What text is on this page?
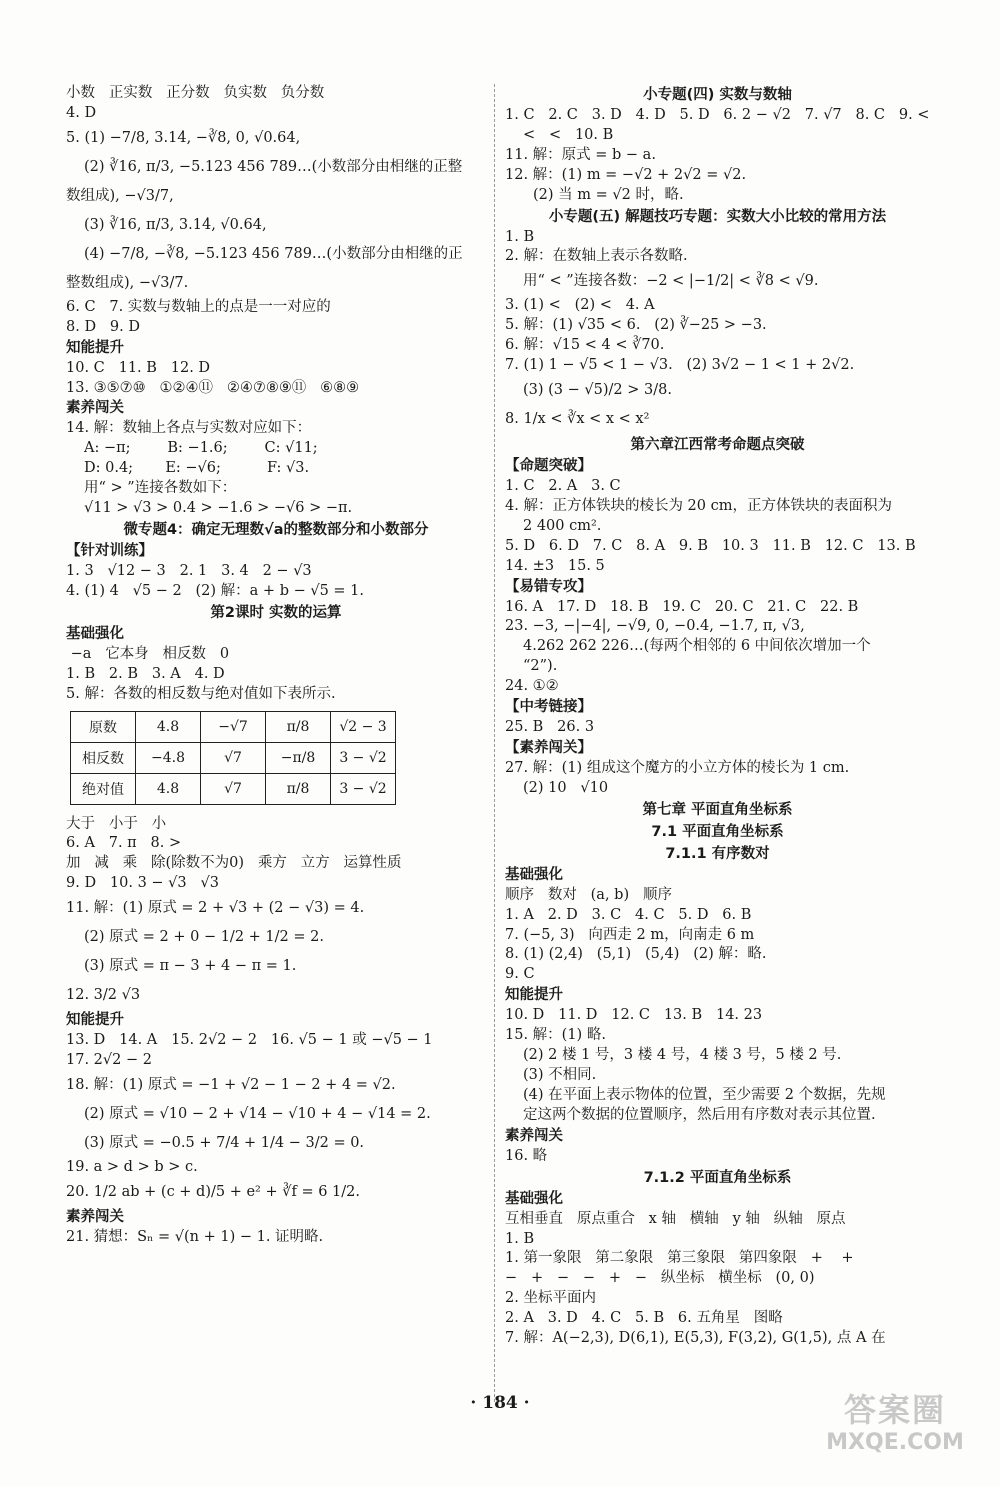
小数   正实数   正分数   负实数   负分数
4. D
5. (1) −7/8, 3.14̇, −∛8, 0, √0.64,
(2) ∛16, π/3, −5.123 456 789…(小数部分由相继的正整
数组成), −√3/7,
(3) ∛16, π/3, 3.14̇, √0.64,
(4) −7/8, −∛8, −5.123 456 789…(小数部分由相继的正
整数组成), −√3/7.
6. C   7. 实数与数轴上的点是一一对应的
8. D   9. D
知能提升
10. C   11. B   12. D
13. ③⑤⑦⑩   ①②④⑪   ②④⑦⑧⑨⑪   ⑥⑧⑨
素养闯关
14. 解：数轴上各点与实数对应如下：
A: −π;        B: −1.6;        C: √11;
D: 0.4;       E: −√6;          F: √3.
用“ > ”连接各数如下：
√11 > √3 > 0.4 > −1.6 > −√6 > −π.
微专题4：确定无理数√a的整数部分和小数部分
【针对训练】
1. 3   √12 − 3   2. 1   3. 4   2 − √3
4. (1) 4   √5 − 2   (2) 解：a + b − √5 = 1.
第2课时 实数的运算
基础强化
−a   它本身   相反数   0
1. B   2. B   3. A   4. D
5. 解：各数的相反数与绝对值如下表所示.
原数	4.8	−√7	π/8	√2 − 3
相反数	−4.8	√7	−π/8	3 − √2
绝对值	4.8	√7	π/8	3 − √2
大于   小于   小
6. A   7. π   8. >
加   减   乘   除(除数不为0)   乘方   立方   运算性质
9. D   10. 3 − √3   √3
11. 解：(1) 原式 = 2 + √3 + (2 − √3) = 4.
(2) 原式 = 2 + 0 − 1/2 + 1/2 = 2.
(3) 原式 = π − 3 + 4 − π = 1.
12. 3/2 √3
知能提升
13. D   14. A   15. 2√2 − 2   16. √5 − 1 或 −√5 − 1
17. 2√2 − 2
18. 解：(1) 原式 = −1 + √2 − 1 − 2 + 4 = √2.
(2) 原式 = √10 − 2 + √14 − √10 + 4 − √14 = 2.
(3) 原式 = −0.5 + 7/4 + 1/4 − 3/2 = 0.
19. a > d > b > c.
20. 1/2 ab + (c + d)/5 + e² + ∛f = 6 1/2.
素养闯关
21. 猜想：Sₙ = √(n + 1) − 1. 证明略.
小专题(四) 实数与数轴
1. C   2. C   3. D   4. D   5. D   6. 2 − √2   7. √7   8. C   9. <
<   <   10. B
11. 解：原式 = b − a.
12. 解：(1) m = −√2 + 2√2 = √2.
(2) 当 m = √2 时，略.
小专题(五) 解题技巧专题：实数大小比较的常用方法
1. B
2. 解：在数轴上表示各数略.
用“ < ”连接各数：−2 < |−1/2| < ∛8 < √9.
3. (1) <   (2) <   4. A
5. 解：(1) √35 < 6.   (2) ∛−25 > −3.
6. 解：√15 < 4 < ∛70.
7. (1) 1 − √5 < 1 − √3.   (2) 3√2 − 1 < 1 + 2√2.
(3) (3 − √5)/2 > 3/8.
8. 1/x < ∛x < x < x²
第六章江西常考命题点突破
【命题突破】
1. C   2. A   3. C
4. 解：正方体铁块的棱长为 20 cm，正方体铁块的表面积为
2 400 cm².
5. D   6. D   7. C   8. A   9. B   10. 3   11. B   12. C   13. B
14. ±3   15. 5
【易错专攻】
16. A   17. D   18. B   19. C   20. C   21. C   22. B
23. −3, −|−4|, −√9, 0, −0.4, −1.7, π, √3,
4.262 262 226…(每两个相邻的 6 中间依次增加一个
“2”).
24. ①②
【中考链接】
25. B   26. 3
【素养闯关】
27. 解：(1) 组成这个魔方的小立方体的棱长为 1 cm.
(2) 10   √10
第七章 平面直角坐标系
7.1 平面直角坐标系
7.1.1 有序数对
基础强化
顺序   数对   (a, b)   顺序
1. A   2. D   3. C   4. C   5. D   6. B
7. (−5, 3)   向西走 2 m，向南走 6 m
8. (1) (2,4)   (5,1)   (5,4)   (2) 解：略.
9. C
知能提升
10. D   11. D   12. C   13. B   14. 23
15. 解：(1) 略.
(2) 2 楼 1 号，3 楼 4 号，4 楼 3 号，5 楼 2 号.
(3) 不相同.
(4) 在平面上表示物体的位置，至少需要 2 个数据，先规
定这两个数据的位置顺序，然后用有序数对表示其位置.
素养闯关
16. 略
7.1.2 平面直角坐标系
基础强化
互相垂直   原点重合   x 轴   横轴   y 轴   纵轴   原点
1. B
1. 第一象限   第二象限   第三象限   第四象限   +    +
−   +   −   −   +   −   纵坐标   横坐标   (0, 0)
2. 坐标平面内
2. A   3. D   4. C   5. B   6. 五角星   图略
7. 解：A(−2,3), D(6,1), E(5,3), F(3,2), G(1,5), 点 A 在
· 184 ·	答案圈
MXQE.COM
